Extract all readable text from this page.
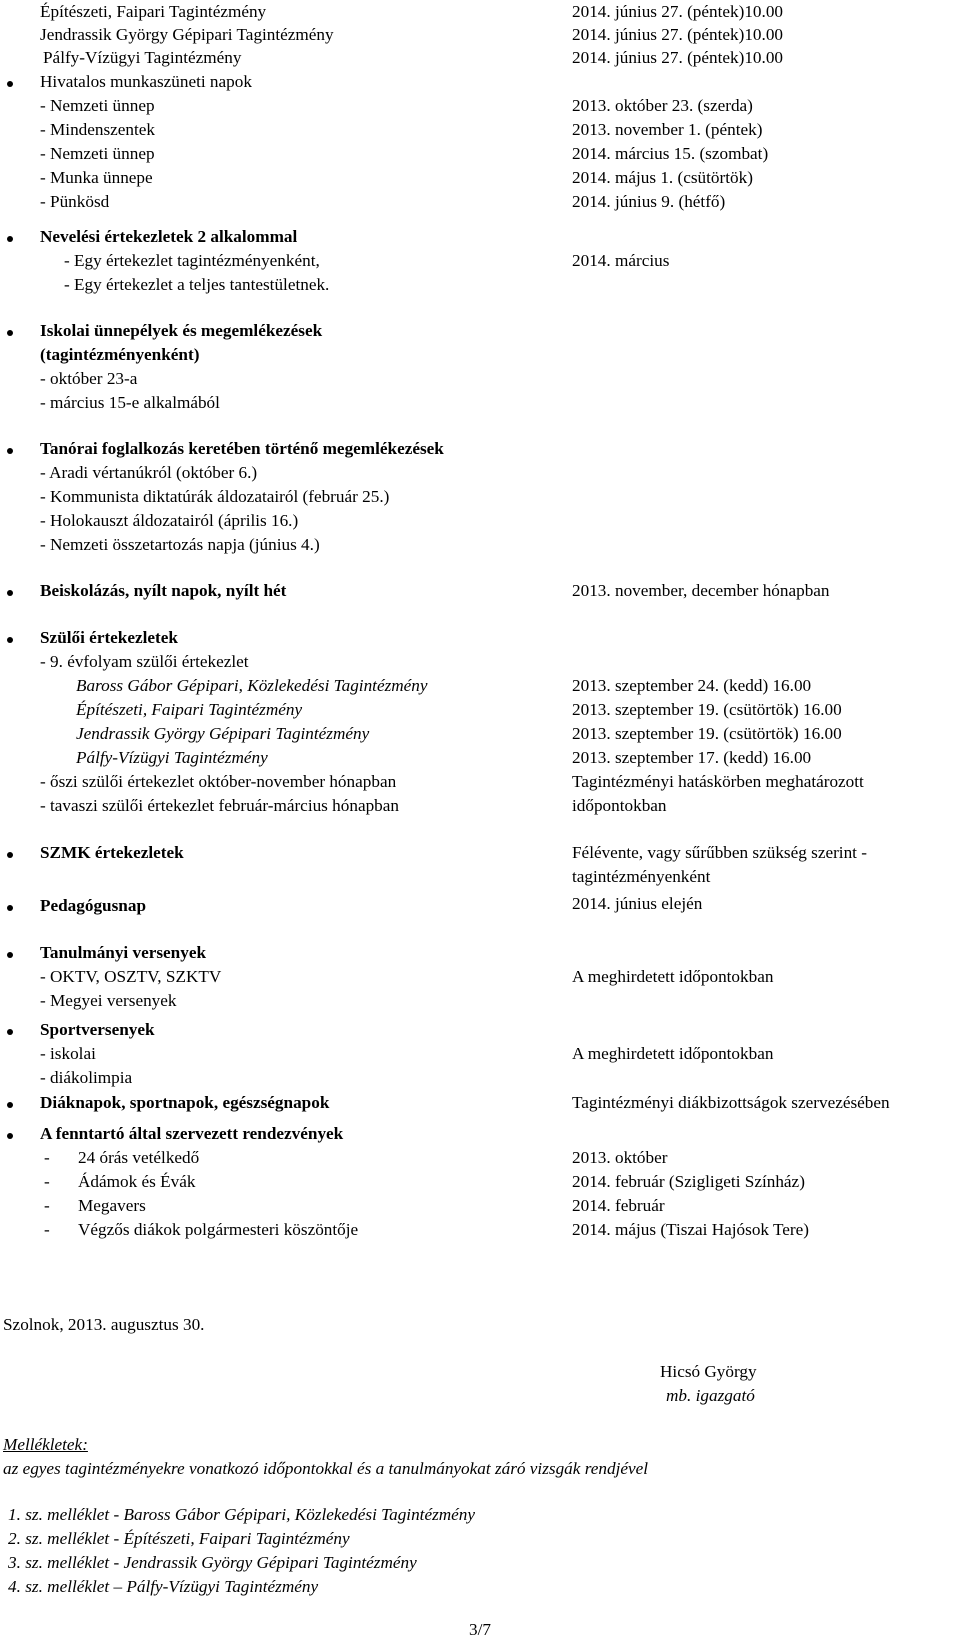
Építészeti, Faipari Tagintézmény	2014. június 27. (péntek)10.00
Jendrassik György Gépipari Tagintézmény	2014. június 27. (péntek)10.00
Pálfy-Vízügyi Tagintézmény	2014. június 27. (péntek)10.00
Hivatalos munkaszüneti napok
- Nemzeti ünnep	2013. október 23. (szerda)
- Mindenszentek	2013. november 1. (péntek)
- Nemzeti ünnep	2014. március 15. (szombat)
- Munka ünnepe	2014. május 1. (csütörtök)
- Pünkösd	2014. június 9. (hétfő)
Nevelési értekezletek 2 alkalommal
- Egy értekezlet tagintézményenként,	2014. március
- Egy értekezlet a teljes tantestületnek.
Iskolai ünnepélyek és megemlékezések
(tagintézményenként)
- október 23-a
- március 15-e alkalmából
Tanórai foglalkozás keretében történő megemlékezések
- Aradi vértanúkról (október 6.)
- Kommunista diktatúrák áldozatairól (február 25.)
- Holokauszt áldozatairól (április 16.)
- Nemzeti összetartozás napja (június 4.)
Beiskolázás, nyílt napok, nyílt hét	2013. november, december hónapban
Szülői értekezletek
- 9. évfolyam szülői értekezlet
Baross Gábor Gépipari, Közlekedési Tagintézmény	2013. szeptember 24. (kedd) 16.00
Építészeti, Faipari Tagintézmény	2013. szeptember 19. (csütörtök) 16.00
Jendrassik György Gépipari Tagintézmény	2013. szeptember 19. (csütörtök) 16.00
Pálfy-Vízügyi Tagintézmény	2013. szeptember 17. (kedd) 16.00
- őszi szülői értekezlet október-november hónapban	Tagintézményi hatáskörben meghatározott
- tavaszi szülői értekezlet február-március hónapban	időpontokban
SZMK értekezletek	Félévente, vagy sűrűbben szükség szerint -
tagintézményenként
Pedagógusnap	2014. június elején
Tanulmányi versenyek
- OKTV, OSZTV, SZKTV	A meghirdetett időpontokban
- Megyei versenyek
Sportversenyek
- iskolai	A meghirdetett időpontokban
- diákolimpia
Diáknapok, sportnapok, egészségnapok	Tagintézményi diákbizottságok szervezésében
A fenntartó által szervezett rendezvények
- 24 órás vetélkedő	2013. október
- Ádámok és Évák	2014. február (Szigligeti Színház)
- Megavers	2014. február
- Végzős diákok polgármesteri köszöntője	2014. május (Tiszai Hajósok Tere)
Szolnok, 2013. augusztus 30.
Hicsó György
mb. igazgató
Mellékletek:
az egyes tagintézményekre vonatkozó időpontokkal és a tanulmányokat záró vizsgák rendjével
1. sz. melléklet - Baross Gábor Gépipari, Közlekedési Tagintézmény
2. sz. melléklet - Építészeti, Faipari Tagintézmény
3. sz. melléklet - Jendrassik György Gépipari Tagintézmény
4. sz. melléklet – Pálfy-Vízügyi Tagintézmény
3/7
